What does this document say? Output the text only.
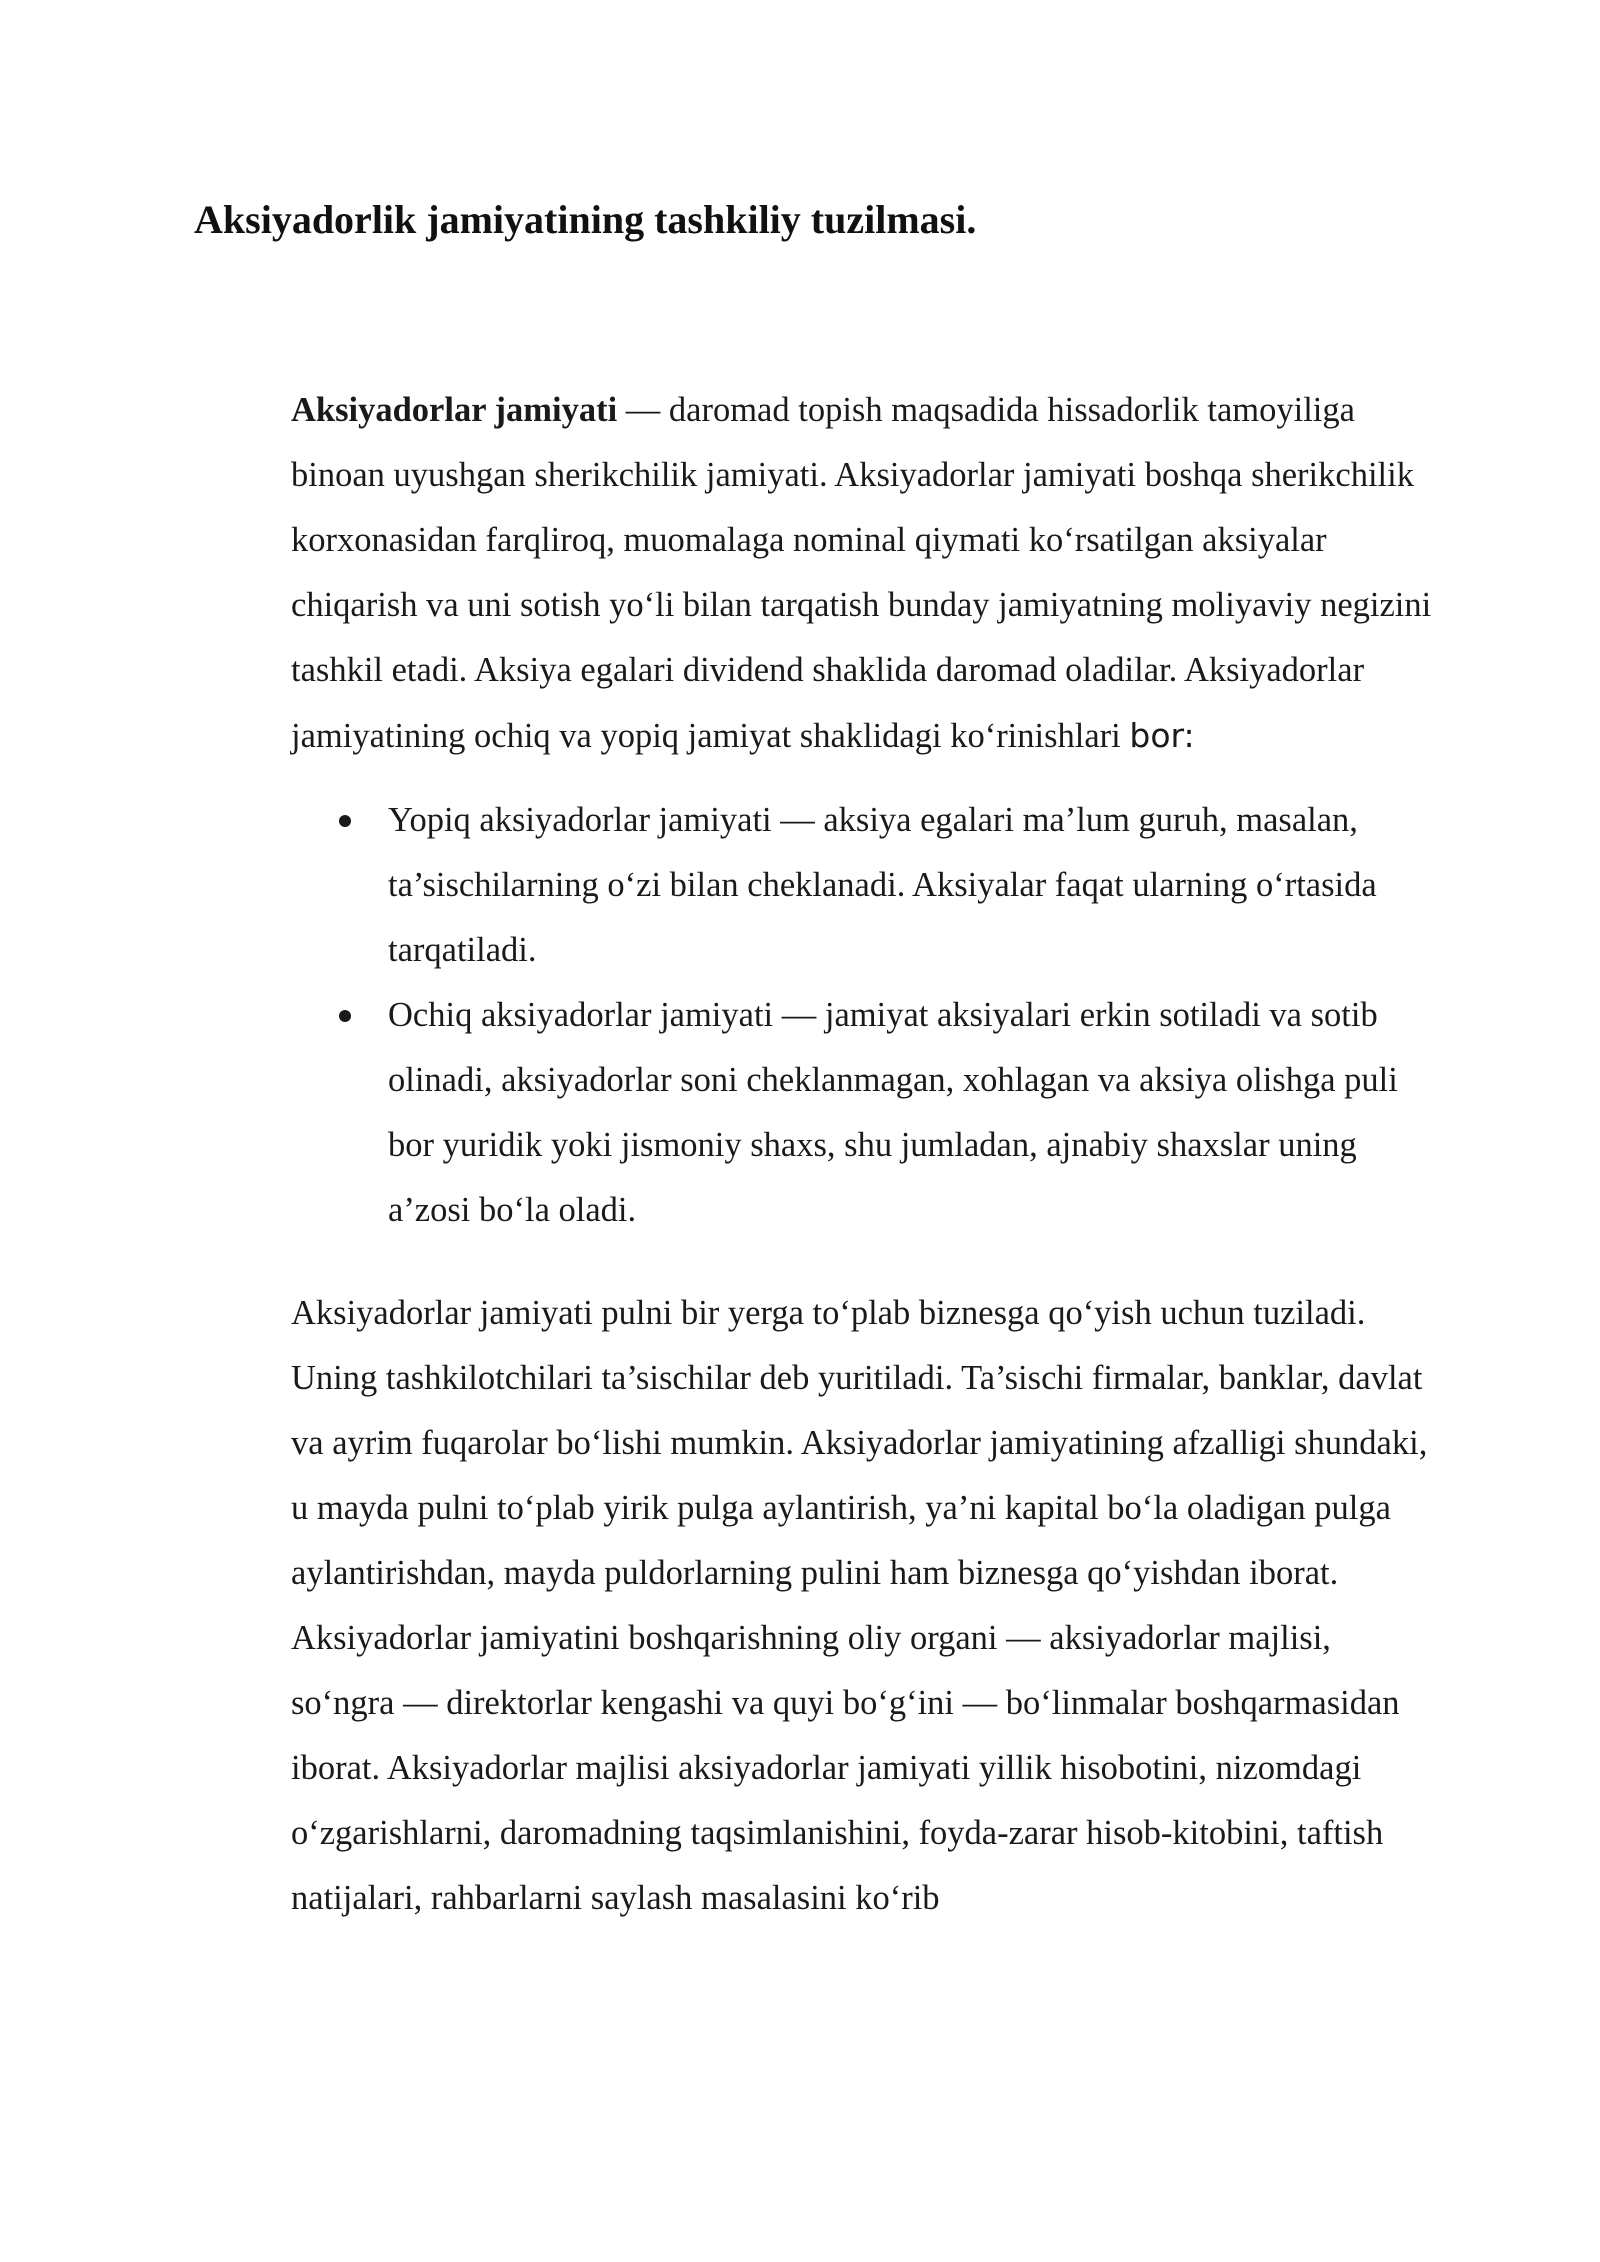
Aksiyadorlik jamiyatining tashkiliy tuzilmasi.

Aksiyadorlar jamiyati — daromad topish maqsadida hissadorlik tamoyiliga binoan uyushgan sherikchilik jamiyati. Aksiyadorlar jamiyati boshqa sherikchilik korxonasidan farqliroq, muomalaga nominal qiymati ko‘rsatilgan aksiyalar chiqarish va uni sotish yo‘li bilan tarqatish bunday jamiyatning moliyaviy negizini tashkil etadi. Aksiya egalari dividend shaklida daromad oladilar. Aksiyadorlar jamiyatining ochiq va yopiq jamiyat shaklidagi ko‘rinishlari bor:

Yopiq aksiyadorlar jamiyati — aksiya egalari ma’lum guruh, masalan, ta’sischilarning o‘zi bilan cheklanadi. Aksiyalar faqat ularning o‘rtasida tarqatiladi.
Ochiq aksiyadorlar jamiyati — jamiyat aksiyalari erkin sotiladi va sotib olinadi, aksiyadorlar soni cheklanmagan, xohlagan va aksiya olishga puli bor yuridik yoki jismoniy shaxs, shu jumladan, ajnabiy shaxslar uning a’zosi bo‘la oladi.

Aksiyadorlar jamiyati pulni bir yerga to‘plab biznesga qo‘yish uchun tuziladi. Uning tashkilotchilari ta’sischilar deb yuritiladi. Ta’sischi firmalar, banklar, davlat va ayrim fuqarolar bo‘lishi mumkin. Aksiyadorlar jamiyatining afzalligi shundaki, u mayda pulni to‘plab yirik pulga aylantirish, ya’ni kapital bo‘la oladigan pulga aylantirishdan, mayda puldorlarning pulini ham biznesga qo‘yishdan iborat. Aksiyadorlar jamiyatini boshqarishning oliy organi — aksiyadorlar majlisi, so‘ngra — direktorlar kengashi va quyi bo‘g‘ini — bo‘linmalar boshqarmasidan iborat. Aksiyadorlar majlisi aksiyadorlar jamiyati yillik hisobotini, nizomdagi o‘zgarishlarni, daromadning taqsimlanishini, foyda-zarar hisob-kitobini, taftish natijalari, rahbarlarni saylash masalasini ko‘rib
